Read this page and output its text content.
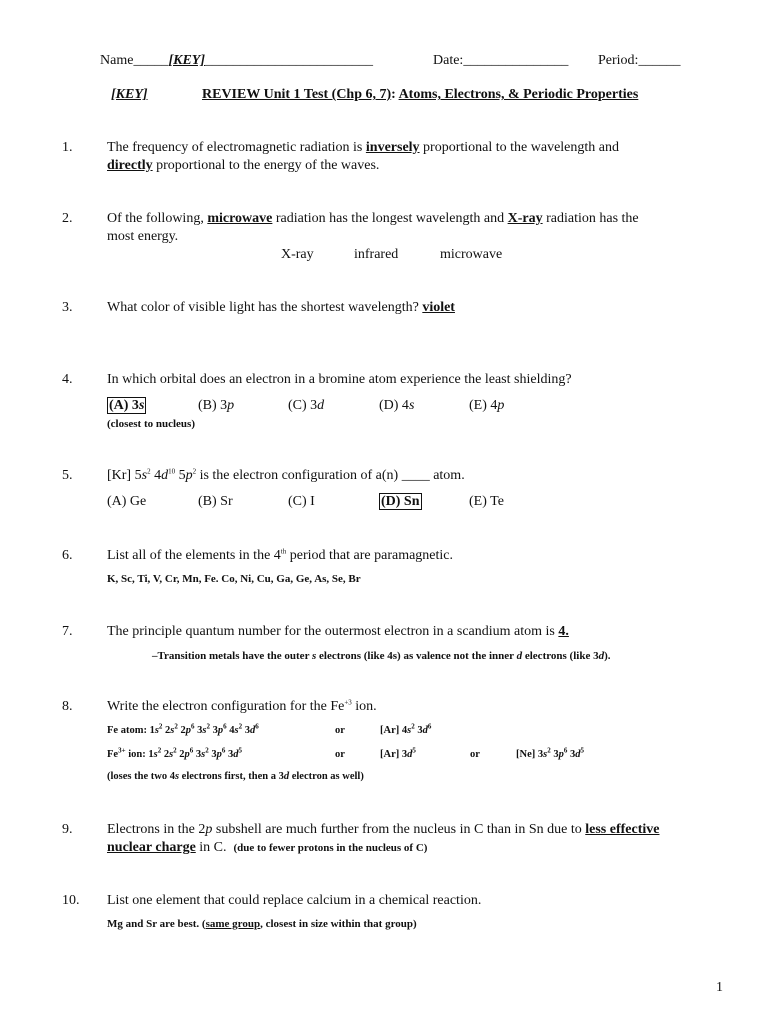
Name_____[KEY]________________________	Date:_______________ Period:______
[KEY]	REVIEW Unit 1 Test (Chp 6, 7): Atoms, Electrons, & Periodic Properties
1. The frequency of electromagnetic radiation is inversely proportional to the wavelength and
directly proportional to the energy of the waves.
2. Of the following, microwave radiation has the longest wavelength and X-ray radiation has the
most energy.
X-ray	infrared	microwave
3. What color of visible light has the shortest wavelength? violet
4. In which orbital does an electron in a bromine atom experience the least shielding?
(A) 3s	(B) 3p	(C) 3d	(D) 4s	(E) 4p
(closest to nucleus)
5. [Kr] $5s^2$ $4d^{10}$ $5p^2$ is the electron configuration of a(n) ____ atom.
(A) Ge	(B) Sr	(C) I	(D) Sn	(E) Te
6. List all of the elements in the 4th period that are paramagnetic.
K, Sc, Ti, V, Cr, Mn, Fe. Co, Ni, Cu, Ga, Ge, As, Se, Br
7. The principle quantum number for the outermost electron in a scandium atom is 4.
–Transition metals have the outer s electrons (like 4s) as valence not the inner d electrons (like 3d).
8. Write the electron configuration for the $Fe^{+3}$ ion.
Fe atom: $1s^2$ $2s^2$ $2p^6$ $3s^2$ $3p^6$ $4s^2$ $3d^6$	or	[Ar] $4s^2$ $3d^6$
$Fe^{3+}$ ion: $1s^2$ $2s^2$ $2p^6$ $3s^2$ $3p^6$ $3d^5$	or	[Ar] $3d^5$	or	[Ne] $3s^2$ $3p^6$ $3d^5$
(loses the two 4s electrons first, then a 3d electron as well)
9. Electrons in the 2p subshell are much further from the nucleus in C than in Sn due to less effective
nuclear charge in C. (due to fewer protons in the nucleus of C)
10. List one element that could replace calcium in a chemical reaction.
Mg and Sr are best. (same group, closest in size within that group)
1
